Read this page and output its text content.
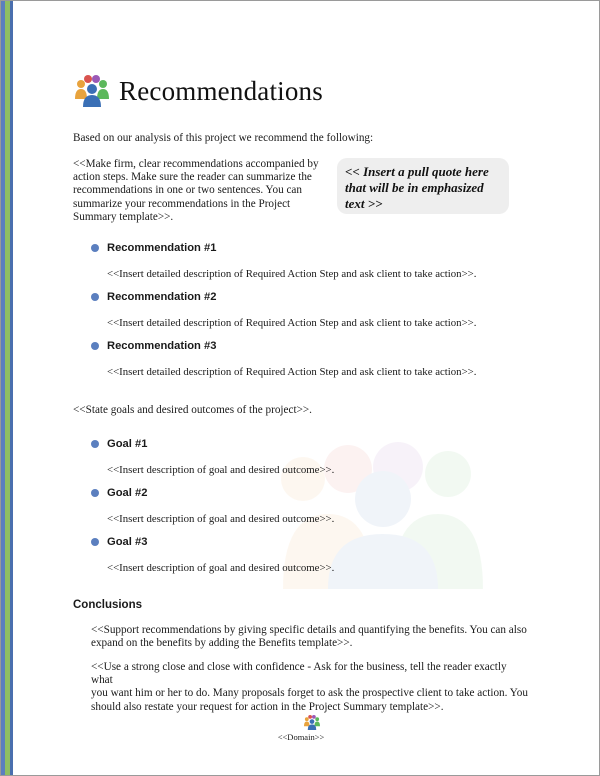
Recommendations
Based on our analysis of this project we recommend the following:
<<Make firm, clear recommendations accompanied by
action steps. Make sure the reader can summarize the
recommendations in one or two sentences. You can
summarize your recommendations in the Project
Summary template>>.
<< Insert a pull quote here
that will be in emphasized
text >>
Recommendation #1
<<Insert detailed description of Required Action Step and ask client to take action>>.
Recommendation #2
<<Insert detailed description of Required Action Step and ask client to take action>>.
Recommendation #3
<<Insert detailed description of Required Action Step and ask client to take action>>.
<<State goals and desired outcomes of the project>>.
Goal #1
<<Insert description of goal and desired outcome>>.
Goal #2
<<Insert description of goal and desired outcome>>.
Goal #3
<<Insert description of goal and desired outcome>>.
Conclusions
<<Support recommendations by giving specific details and quantifying the benefits. You can also
expand on the benefits by adding the Benefits template>>.
<<Use a strong close and close with confidence - Ask for the business, tell the reader exactly what
you want him or her to do. Many proposals forget to ask the prospective client to take action. You
should also restate your request for action in the Project Summary template>>.
<<Domain>>
